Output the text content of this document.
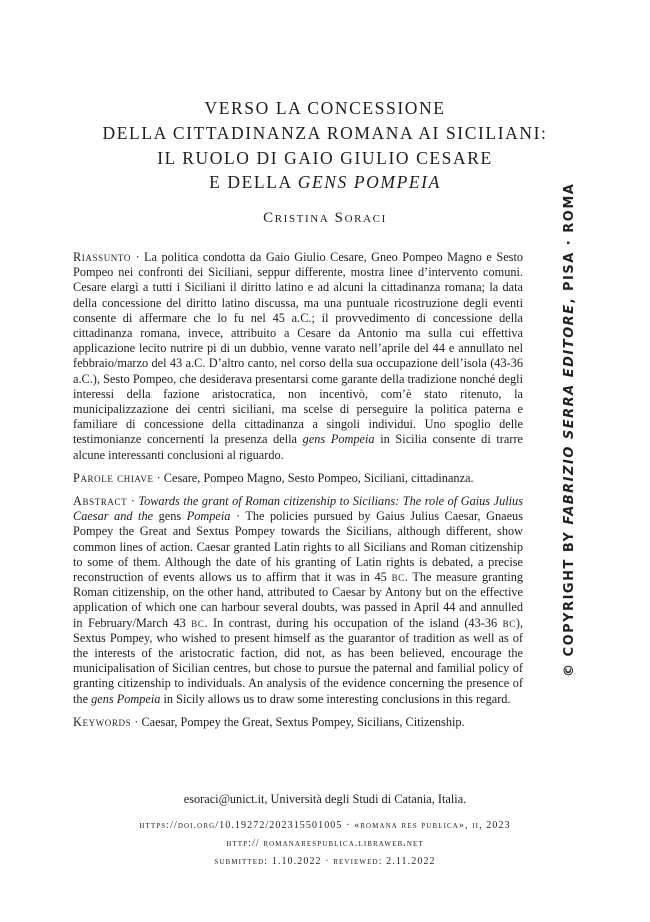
VERSO LA CONCESSIONE
DELLA CITTADINANZA ROMANA AI SICILIANI:
IL RUOLO DI GAIO GIULIO CESARE
E DELLA GENS POMPEIA
Cristina Soraci
Riassunto · La politica condotta da Gaio Giulio Cesare, Gneo Pompeo Magno e Sesto Pompeo nei confronti dei Siciliani, seppur differente, mostra linee d’intervento comuni. Cesare elargì a tutti i Siciliani il diritto latino e ad alcuni la cittadinanza romana; la data della concessione del diritto latino discussa, ma una puntuale ricostruzione degli eventi consente di affermare che lo fu nel 45 a.C.; il provvedimento di concessione della cittadinanza romana, invece, attribuito a Cesare da Antonio ma sulla cui effettiva applicazione lecito nutrire pi di un dubbio, venne varato nell’aprile del 44 e annullato nel febbraio/marzo del 43 a.C. D’altro canto, nel corso della sua occupazione dell’isola (43-36 a.C.), Sesto Pompeo, che desiderava presentarsi come garante della tradizione nonché degli interessi della fazione aristocratica, non incentivò, com’è stato ritenuto, la municipalizzazione dei centri siciliani, ma scelse di perseguire la politica paterna e familiare di concessione della cittadinanza a singoli individui. Uno spoglio delle testimonianze concernenti la presenza della gens Pompeia in Sicilia consente di trarre alcune interessanti conclusioni al riguardo.
Parole chiave · Cesare, Pompeo Magno, Sesto Pompeo, Siciliani, cittadinanza.
Abstract · Towards the grant of Roman citizenship to Sicilians: The role of Gaius Julius Caesar and the gens Pompeia · The policies pursued by Gaius Julius Caesar, Gnaeus Pompey the Great and Sextus Pompey towards the Sicilians, although different, show common lines of action. Caesar granted Latin rights to all Sicilians and Roman citizenship to some of them. Although the date of his granting of Latin rights is debated, a precise reconstruction of events allows us to affirm that it was in 45 bc. The measure granting Roman citizenship, on the other hand, attributed to Caesar by Antony but on the effective application of which one can harbour several doubts, was passed in April 44 and annulled in February/March 43 bc. In contrast, during his occupation of the island (43-36 bc), Sextus Pompey, who wished to present himself as the guarantor of tradition as well as of the interests of the aristocratic faction, did not, as has been believed, encourage the municipalisation of Sicilian centres, but chose to pursue the paternal and familial policy of granting citizenship to individuals. An analysis of the evidence concerning the presence of the gens Pompeia in Sicily allows us to draw some interesting conclusions in this regard.
Keywords · Caesar, Pompey the Great, Sextus Pompey, Sicilians, Citizenship.
esoraci@unict.it, Università degli Studi di Catania, Italia.
https://doi.org/10.19272/202315501005 · «romana res publica», ii, 2023
http:// romanarespublica.libraweb.net
submitted: 1.10.2022 · reviewed: 2.11.2022
© COPYRIGHT BY FABRIZIO SERRA EDITORE, PISA · ROMA
